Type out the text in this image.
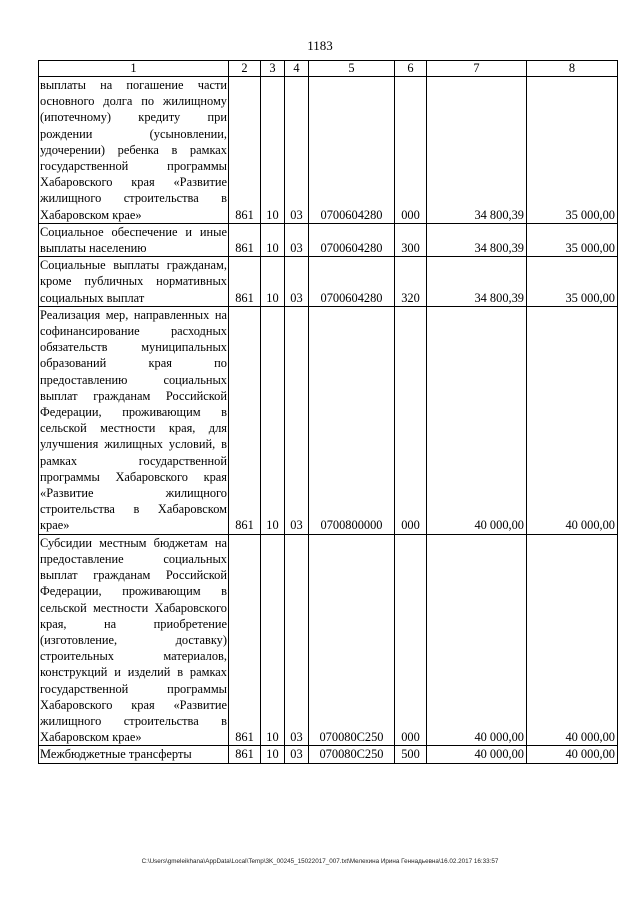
1183
1	2	3	4	5	6	7	8
выплаты на погашение части основного долга по жилищному (ипотечному) кредиту при рождении (усыновлении, удочерении) ребенка в рамках государственной программы Хабаровского края «Развитие жилищного строительства в Хабаровском крае»	861	10	03	0700604280	000	34 800,39	35 000,00
Социальное обеспечение и иные выплаты населению	861	10	03	0700604280	300	34 800,39	35 000,00
Социальные выплаты гражданам, кроме публичных нормативных социальных выплат	861	10	03	0700604280	320	34 800,39	35 000,00
Реализация мер, направленных на софинансирование расходных обязательств муниципальных образований края по предоставлению социальных выплат гражданам Российской Федерации, проживающим в сельской местности края, для улучшения жилищных условий, в рамках государственной программы Хабаровского края «Развитие жилищного строительства в Хабаровском крае»	861	10	03	0700800000	000	40 000,00	40 000,00
Субсидии местным бюджетам на предоставление социальных выплат гражданам Российской Федерации, проживающим в сельской местности Хабаровского края, на приобретение (изготовление, доставку) строительных материалов, конструкций и изделий в рамках государственной программы Хабаровского края «Развитие жилищного строительства в Хабаровском крае»	861	10	03	070080С250	000	40 000,00	40 000,00
Межбюджетные трансферты	861	10	03	070080С250	500	40 000,00	40 000,00
C:\Users\gmeleikhana\AppData\Local\Temp\3K_00245_15022017_007.txt\Мелехина Ирина Геннадьевна\16.02.2017 16:33:57
